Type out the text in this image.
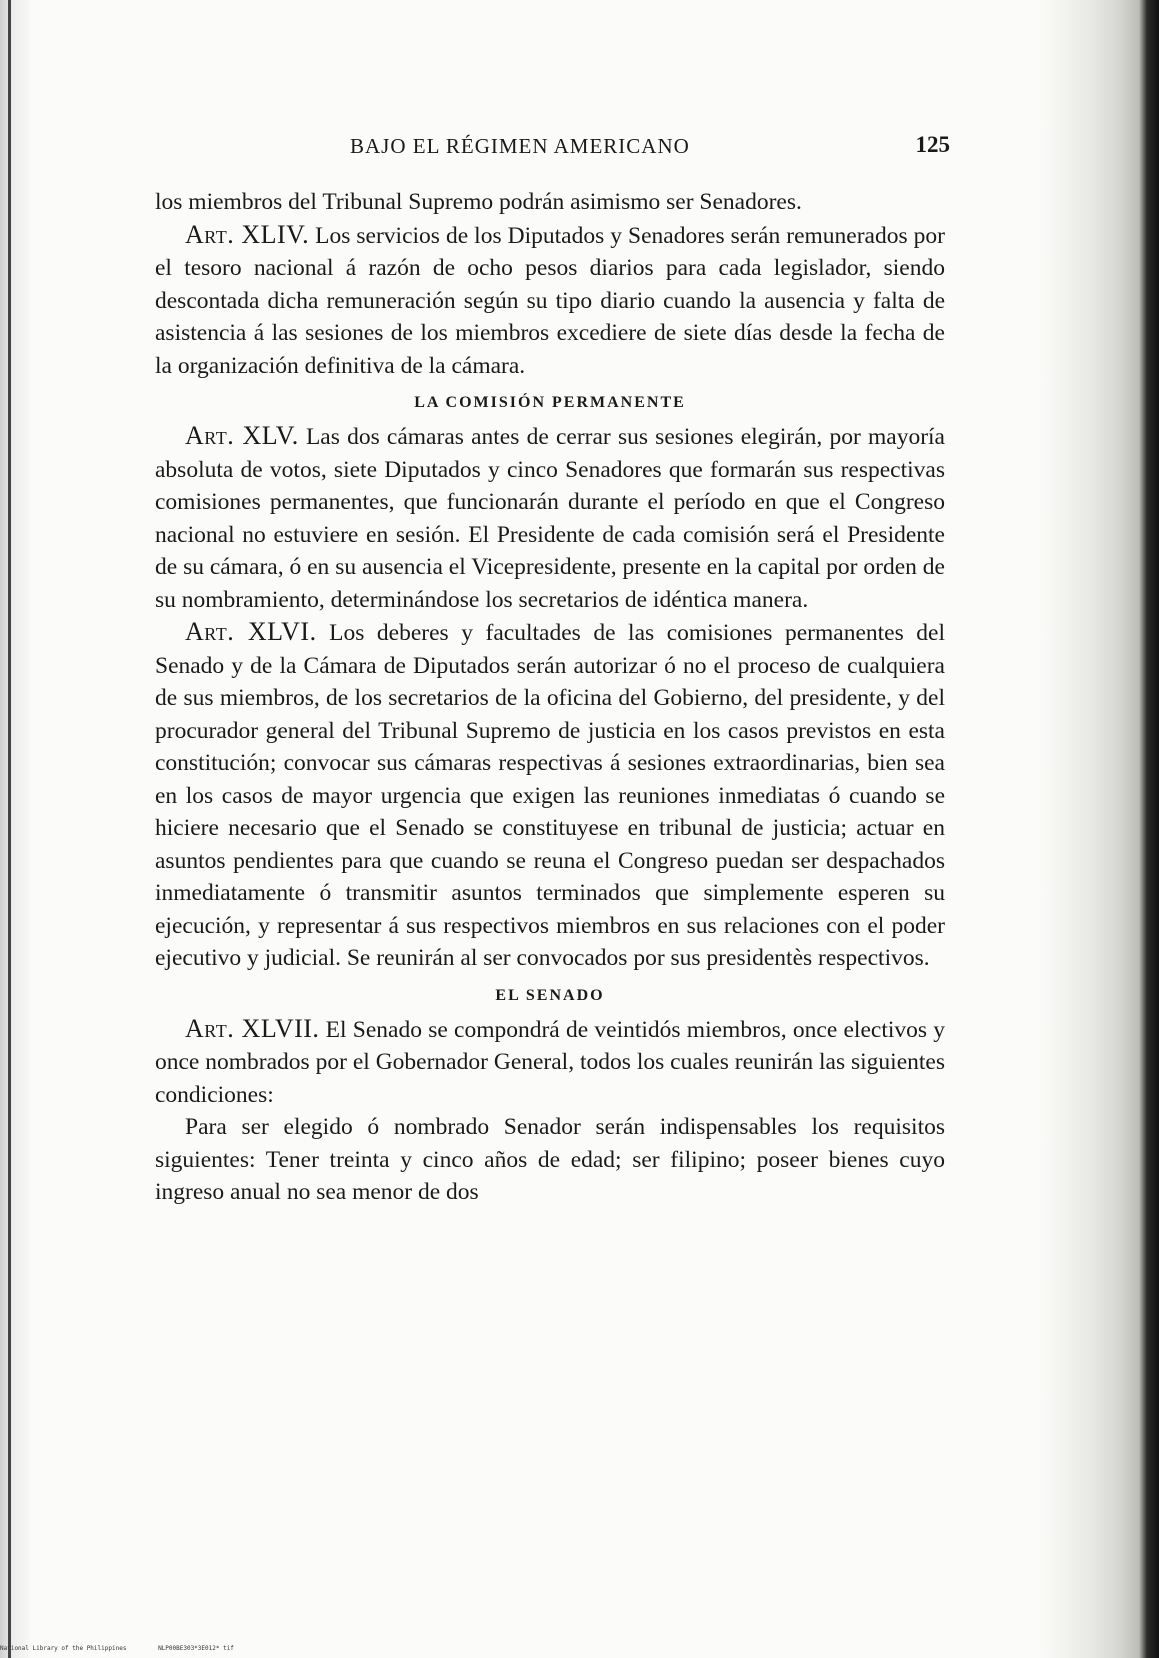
BAJO EL RÉGIMEN AMERICANO	125

los miembros del Tribunal Supremo podrán asimismo ser Senadores.

Art. XLIV. Los servicios de los Diputados y Senadores serán remunerados por el tesoro nacional á razón de ocho pesos diarios para cada legislador, siendo descontada dicha remuneración según su tipo diario cuando la ausencia y falta de asistencia á las sesiones de los miembros excediere de siete días desde la fecha de la organización definitiva de la cámara.

LA COMISIÓN PERMANENTE

Art. XLV. Las dos cámaras antes de cerrar sus sesiones elegirán, por mayoría absoluta de votos, siete Diputados y cinco Senadores que formarán sus respectivas comisiones permanentes, que funcionarán durante el período en que el Congreso nacional no estuviere en sesión. El Presidente de cada comisión será el Presidente de su cámara, ó en su ausencia el Vicepresidente, presente en la capital por orden de su nombramiento, determinándose los secretarios de idéntica manera.

Art. XLVI. Los deberes y facultades de las comisiones permanentes del Senado y de la Cámara de Diputados serán autorizar ó no el proceso de cualquiera de sus miembros, de los secretarios de la oficina del Gobierno, del presidente, y del procurador general del Tribunal Supremo de justicia en los casos previstos en esta constitución; convocar sus cámaras respectivas á sesiones extraordinarias, bien sea en los casos de mayor urgencia que exigen las reuniones inmediatas ó cuando se hiciere necesario que el Senado se constituyese en tribunal de justicia; actuar en asuntos pendientes para que cuando se reuna el Congreso puedan ser despachados inmediatamente ó transmitir asuntos terminados que simplemente esperen su ejecución, y representar á sus respectivos miembros en sus relaciones con el poder ejecutivo y judicial. Se reunirán al ser convocados por sus presidentès respectivos.

EL SENADO

Art. XLVII. El Senado se compondrá de veintidós miembros, once electivos y once nombrados por el Gobernador General, todos los cuales reunirán las siguientes condiciones:

Para ser elegido ó nombrado Senador serán indispensables los requisitos siguientes: Tener treinta y cinco años de edad; ser filipino; poseer bienes cuyo ingreso anual no sea menor de dos

National Library of the Philippines	NLP00BE303*3E012* tif
